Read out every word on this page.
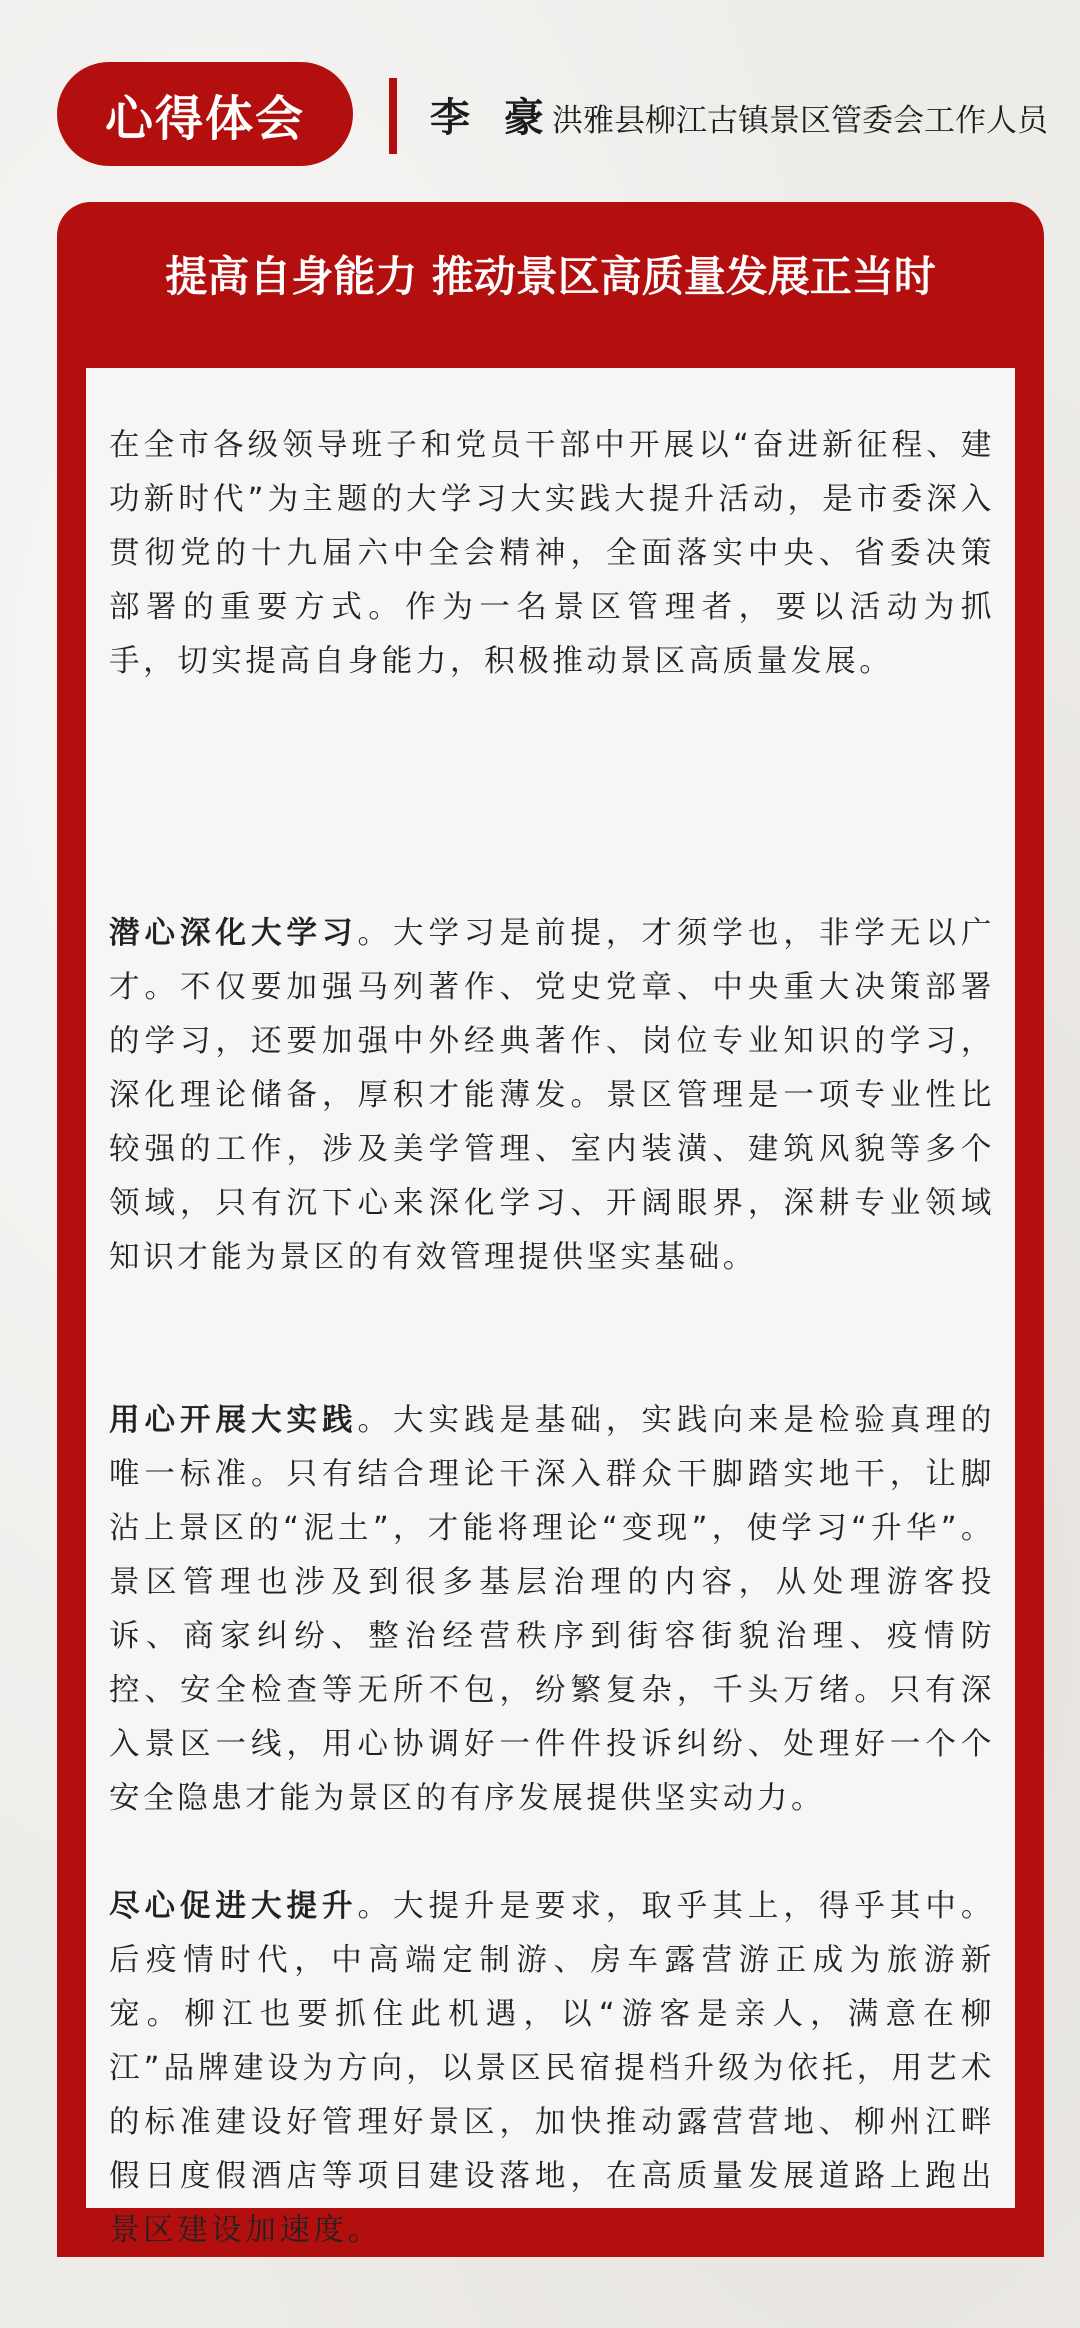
心得体会	李 豪
洪雅县柳江古镇景区管委会工作人员
提高自身能力 推动景区高质量发展正当时

在全市各级领导班子和党员干部中开展以“奋进新征程、建功新时代”为主题的大学习大实践大提升活动，是市委深入贯彻党的十九届六中全会精神，全面落实中央、省委决策部署的重要方式。作为一名景区管理者，要以活动为抓手，切实提高自身能力，积极推动景区高质量发展。

潜心深化大学习。大学习是前提，才须学也，非学无以广才。不仅要加强马列著作、党史党章、中央重大决策部署的学习，还要加强中外经典著作、岗位专业知识的学习，深化理论储备，厚积才能薄发。景区管理是一项专业性比较强的工作，涉及美学管理、室内装潢、建筑风貌等多个领域，只有沉下心来深化学习、开阔眼界，深耕专业领域知识才能为景区的有效管理提供坚实基础。

用心开展大实践。大实践是基础，实践向来是检验真理的唯一标准。只有结合理论干深入群众干脚踏实地干，让脚沾上景区的“泥土”，才能将理论“变现”，使学习“升华”。景区管理也涉及到很多基层治理的内容，从处理游客投诉、商家纠纷、整治经营秩序到街容街貌治理、疫情防控、安全检查等无所不包，纷繁复杂，千头万绪。只有深入景区一线，用心协调好一件件投诉纠纷、处理好一个个安全隐患才能为景区的有序发展提供坚实动力。

尽心促进大提升。大提升是要求，取乎其上，得乎其中。后疫情时代，中高端定制游、房车露营游正成为旅游新宠。柳江也要抓住此机遇，以“游客是亲人，满意在柳江”品牌建设为方向，以景区民宿提档升级为依托，用艺术的标准建设好管理好景区，加快推动露营营地、柳州江畔假日度假酒店等项目建设落地，在高质量发展道路上跑出景区建设加速度。
